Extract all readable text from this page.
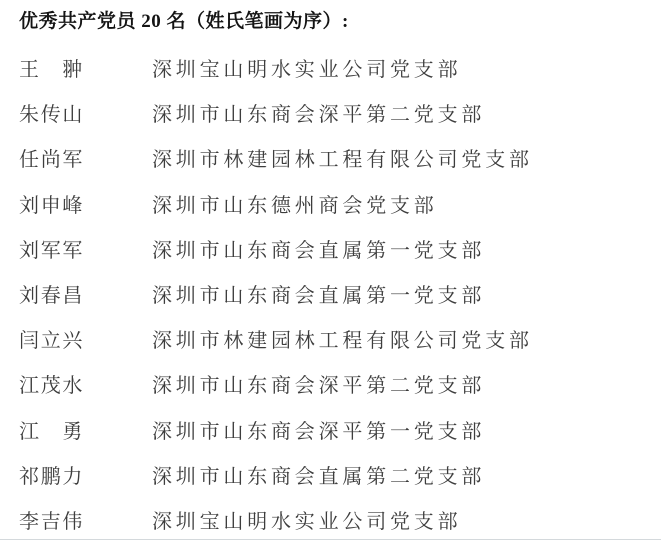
优秀共产党员 20 名（姓氏笔画为序）:
王　翀	深圳宝山明水实业公司党支部
朱传山	深圳市山东商会深平第二党支部
任尚军	深圳市林建园林工程有限公司党支部
刘申峰	深圳市山东德州商会党支部
刘军军	深圳市山东商会直属第一党支部
刘春昌	深圳市山东商会直属第一党支部
闫立兴	深圳市林建园林工程有限公司党支部
江茂水	深圳市山东商会深平第二党支部
江　勇	深圳市山东商会深平第一党支部
祁鹏力	深圳市山东商会直属第二党支部
李吉伟	深圳宝山明水实业公司党支部
